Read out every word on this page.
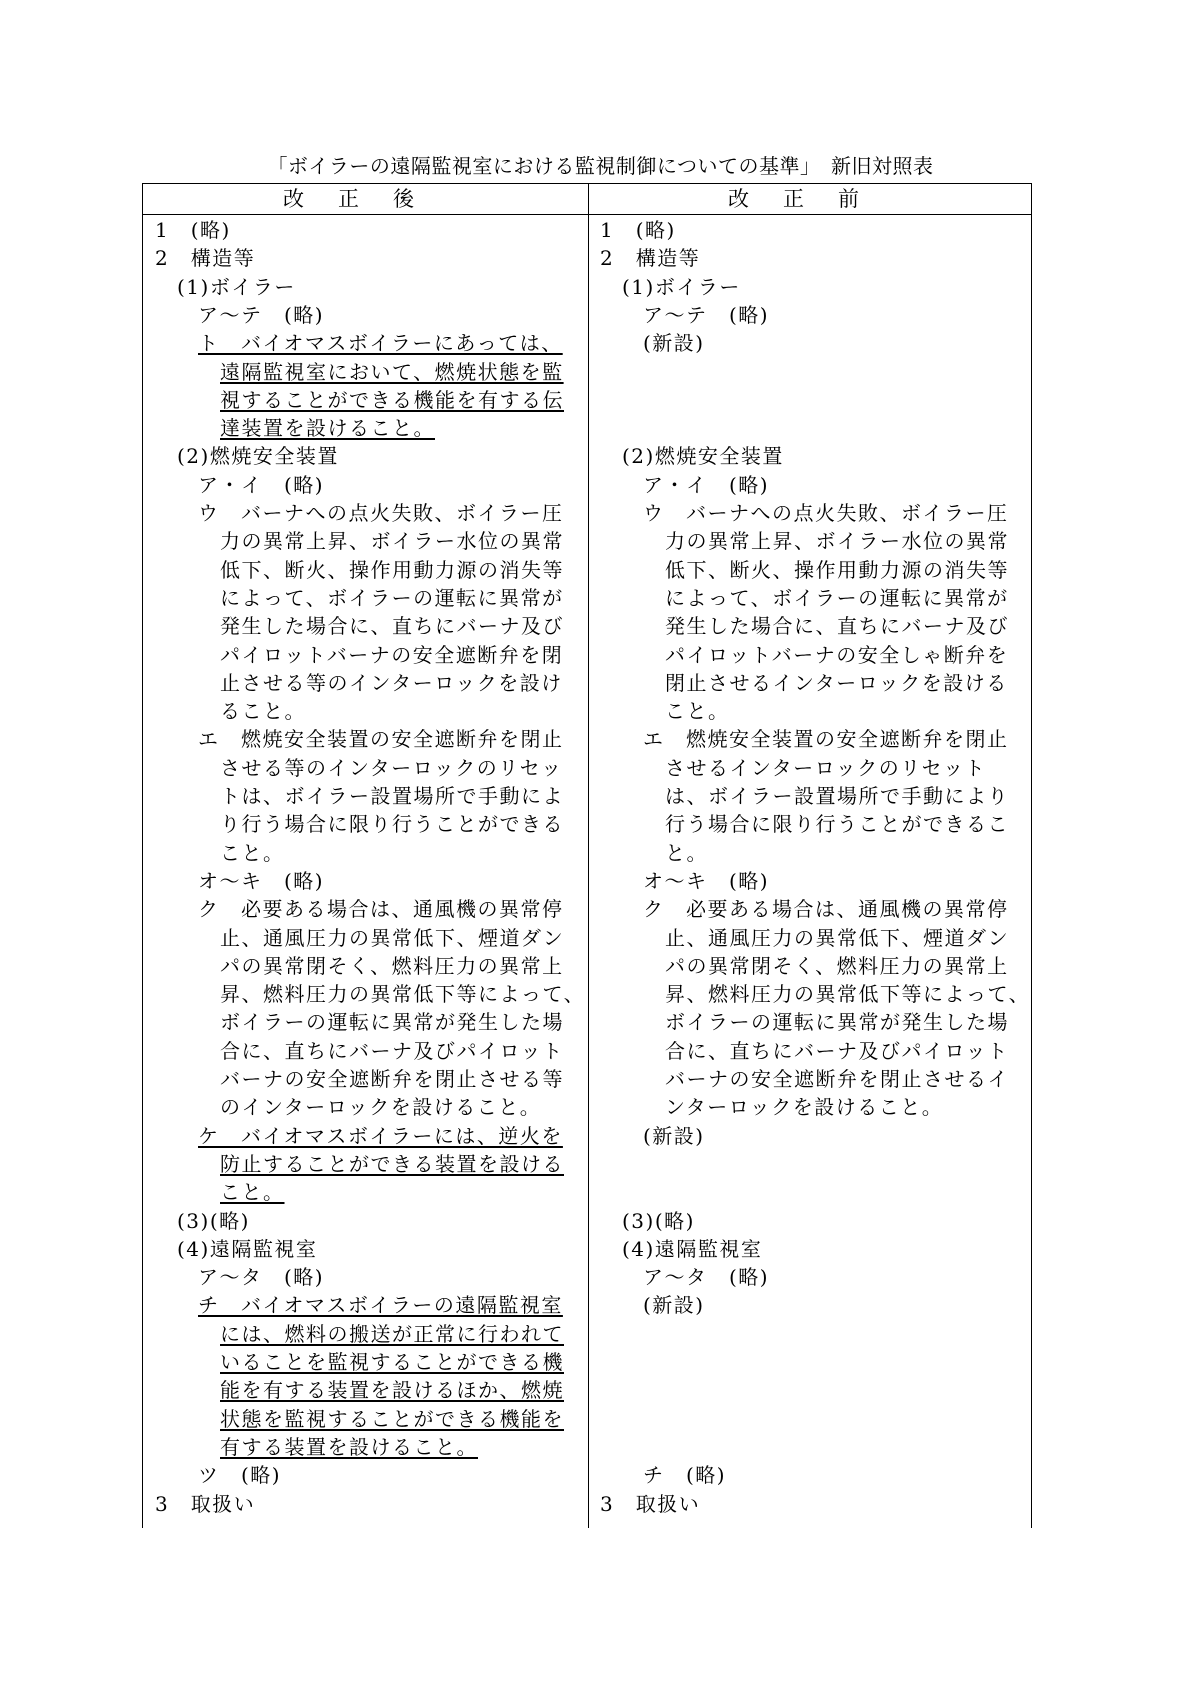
「ボイラーの遠隔監視室における監視制御についての基準」　新旧対照表
改正後	改正前
1　(略)
2　構造等
(1)ボイラー
ア～テ　(略)
ト　バイオマスボイラーにあっては、
遠隔監視室において、燃焼状態を監
視することができる機能を有する伝
達装置を設けること。
(2)燃焼安全装置
ア・イ　(略)
ウ　バーナへの点火失敗、ボイラー圧
力の異常上昇、ボイラー水位の異常
低下、断火、操作用動力源の消失等
によって、ボイラーの運転に異常が
発生した場合に、直ちにバーナ及び
パイロットバーナの安全遮断弁を閉
止させる等のインターロックを設け
ること。
エ　燃焼安全装置の安全遮断弁を閉止
させる等のインターロックのリセッ
トは、ボイラー設置場所で手動によ
り行う場合に限り行うことができる
こと。
オ～キ　(略)
ク　必要ある場合は、通風機の異常停
止、通風圧力の異常低下、煙道ダン
パの異常閉そく、燃料圧力の異常上
昇、燃料圧力の異常低下等によって、
ボイラーの運転に異常が発生した場
合に、直ちにバーナ及びパイロット
バーナの安全遮断弁を閉止させる等
のインターロックを設けること。
ケ　バイオマスボイラーには、逆火を
防止することができる装置を設ける
こと。
(3)(略)
(4)遠隔監視室
ア～タ　(略)
チ　バイオマスボイラーの遠隔監視室
には、燃料の搬送が正常に行われて
いることを監視することができる機
能を有する装置を設けるほか、燃焼
状態を監視することができる機能を
有する装置を設けること。
ツ　(略)
3　取扱い
1　(略)
2　構造等
(1)ボイラー
ア～テ　(略)
(新設)
(2)燃焼安全装置
ア・イ　(略)
ウ　バーナへの点火失敗、ボイラー圧
力の異常上昇、ボイラー水位の異常
低下、断火、操作用動力源の消失等
によって、ボイラーの運転に異常が
発生した場合に、直ちにバーナ及び
パイロットバーナの安全しゃ断弁を
閉止させるインターロックを設ける
こと。
エ　燃焼安全装置の安全遮断弁を閉止
させるインターロックのリセット
は、ボイラー設置場所で手動により
行う場合に限り行うことができるこ
と。
オ～キ　(略)
ク　必要ある場合は、通風機の異常停
止、通風圧力の異常低下、煙道ダン
パの異常閉そく、燃料圧力の異常上
昇、燃料圧力の異常低下等によって、
ボイラーの運転に異常が発生した場
合に、直ちにバーナ及びパイロット
バーナの安全遮断弁を閉止させるイ
ンターロックを設けること。
(新設)
(3)(略)
(4)遠隔監視室
ア～タ　(略)
(新設)
チ　(略)
3　取扱い
